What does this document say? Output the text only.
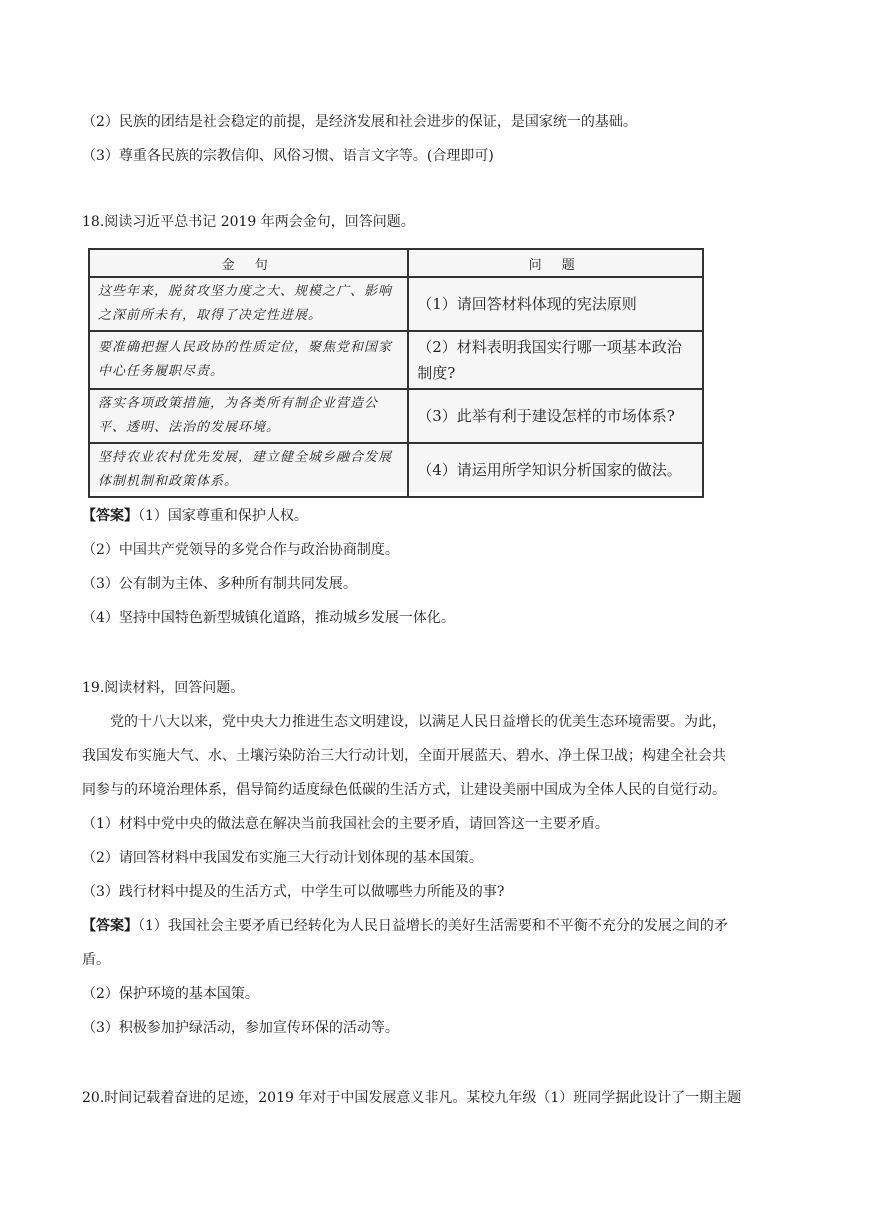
（2）民族的团结是社会稳定的前提，是经济发展和社会进步的保证，是国家统一的基础。
（3）尊重各民族的宗教信仰、风俗习惯、语言文字等。(合理即可)
18.阅读习近平总书记 2019 年两会金句，回答问题。
金 句	问 题
这些年来，脱贫攻坚力度之大、规模之广、影响之深前所未有，取得了决定性进展。	（1）请回答材料体现的宪法原则
要准确把握人民政协的性质定位，聚焦党和国家中心任务履职尽责。	（2）材料表明我国实行哪一项基本政治制度?
落实各项政策措施，为各类所有制企业营造公平、透明、法治的发展环境。	（3）此举有利于建设怎样的市场体系?
坚持农业农村优先发展，建立健全城乡融合发展体制机制和政策体系。	（4）请运用所学知识分析国家的做法。
【答案】（1）国家尊重和保护人权。
（2）中国共产党领导的多党合作与政治协商制度。
（3）公有制为主体、多种所有制共同发展。
（4）坚持中国特色新型城镇化道路，推动城乡发展一体化。
19.阅读材料，回答问题。
党的十八大以来，党中央大力推进生态文明建设，以满足人民日益增长的优美生态环境需要。为此，
我国发布实施大气、水、土壤污染防治三大行动计划，全面开展蓝天、碧水、净土保卫战；构建全社会共
同参与的环境治理体系，倡导简约适度绿色低碳的生活方式，让建设美丽中国成为全体人民的自觉行动。
（1）材料中党中央的做法意在解决当前我国社会的主要矛盾，请回答这一主要矛盾。
（2）请回答材料中我国发布实施三大行动计划体现的基本国策。
（3）践行材料中提及的生活方式，中学生可以做哪些力所能及的事?
【答案】（1）我国社会主要矛盾已经转化为人民日益增长的美好生活需要和不平衡不充分的发展之间的矛
盾。
（2）保护环境的基本国策。
（3）积极参加护绿活动，参加宣传环保的活动等。
20.时间记载着奋进的足迹，2019 年对于中国发展意义非凡。某校九年级（1）班同学据此设计了一期主题
